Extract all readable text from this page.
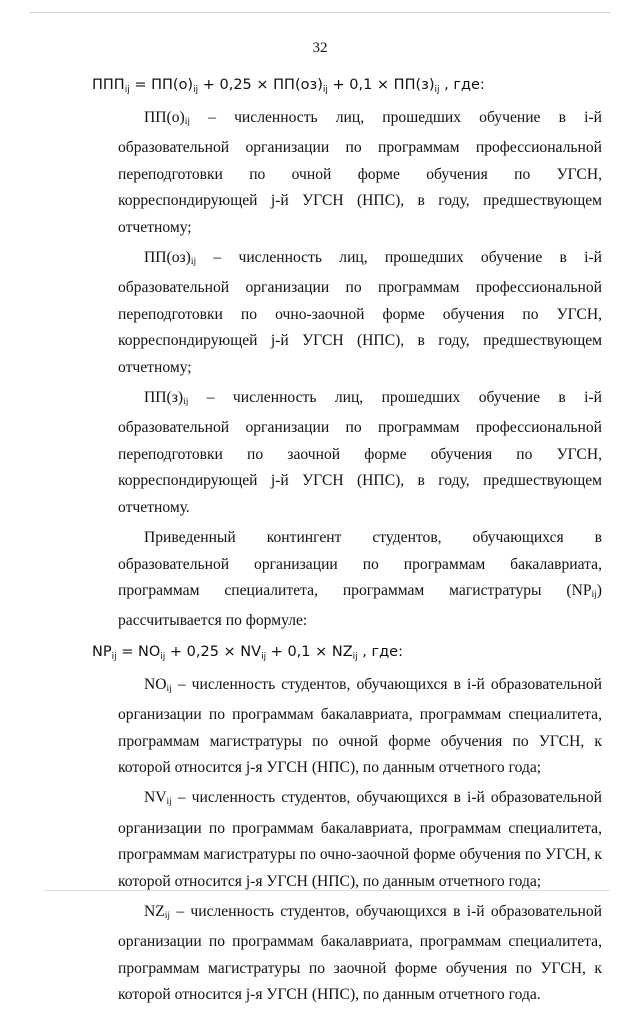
32

$ППП_{ij} = ПП(о)_{ij} + 0,25 \times ПП(оз)_{ij} + 0,1 \times ПП(з)_{ij}$ , где:

$ПП(о)_{ij}$ – численность лиц, прошедших обучение в i-й образовательной организации по программам профессиональной переподготовки по очной форме обучения по УГСН, корреспондирующей j-й УГСН (НПС), в году, предшествующем отчетному;

$ПП(оз)_{ij}$ – численность лиц, прошедших обучение в i-й образовательной организации по программам профессиональной переподготовки по очно-заочной форме обучения по УГСН, корреспондирующей j-й УГСН (НПС), в году, предшествующем отчетному;

$ПП(з)_{ij}$ – численность лиц, прошедших обучение в i-й образовательной организации по программам профессиональной переподготовки по заочной форме обучения по УГСН, корреспондирующей j-й УГСН (НПС), в году, предшествующем отчетному.

Приведенный контингент студентов, обучающихся в образовательной организации по программам бакалавриата, программам специалитета, программам магистратуры $(NP_{ij})$ рассчитывается по формуле:

$NP_{ij} = NO_{ij} + 0,25 \times NV_{ij} + 0,1 \times NZ_{ij}$ , где:

$NO_{ij}$ – численность студентов, обучающихся в i-й образовательной организации по программам бакалавриата, программам специалитета, программам магистратуры по очной форме обучения по УГСН, к которой относится j-я УГСН (НПС), по данным отчетного года;

$NV_{ij}$ – численность студентов, обучающихся в i-й образовательной организации по программам бакалавриата, программам специалитета, программам магистратуры по очно-заочной форме обучения по УГСН, к которой относится j-я УГСН (НПС), по данным отчетного года;

$NZ_{ij}$ – численность студентов, обучающихся в i-й образовательной организации по программам бакалавриата, программам специалитета, программам магистратуры по заочной форме обучения по УГСН, к которой относится j-я УГСН (НПС), по данным отчетного года.
